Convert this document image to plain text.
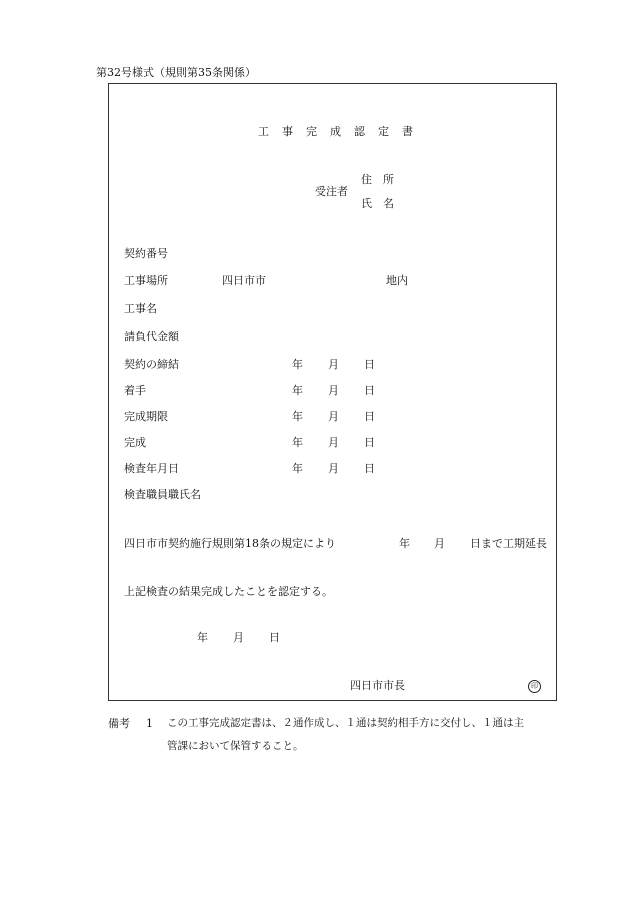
第32号様式（規則第35条関係）
工 事 完 成 認 定 書
受注者
住　所
氏　名
契約番号
工事場所	四日市市	地内
工事名
請負代金額
契約の締結	年 月 日
着手	年 月 日
完成期限	年 月 日
完成	年 月 日
検査年月日	年 月 日
検査職員職氏名
四日市市契約施行規則第18条の規定により	年 月 日まで工期延長
上記検査の結果完成したことを認定する。
年 月 日
四日市市長	印
備考 1 この工事完成認定書は、２通作成し、１通は契約相手方に交付し、１通は主
管課において保管すること。
